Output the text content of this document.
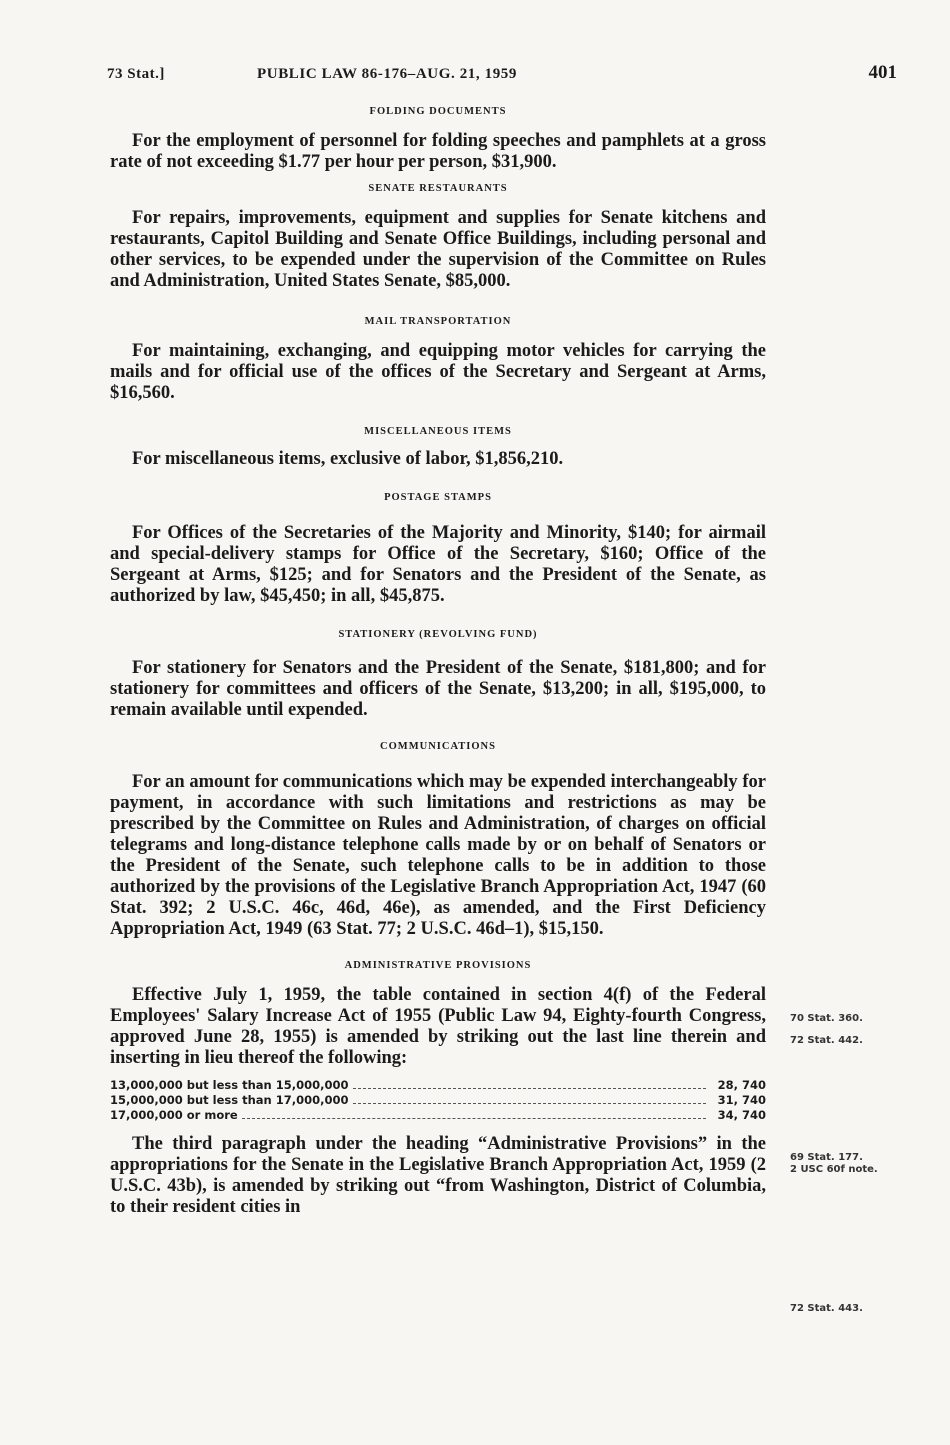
73 Stat.]	PUBLIC LAW 86-176–AUG. 21, 1959	401

FOLDING DOCUMENTS

For the employment of personnel for folding speeches and pamphlets at a gross rate of not exceeding $1.77 per hour per person, $31,900.

SENATE RESTAURANTS

For repairs, improvements, equipment and supplies for Senate kitchens and restaurants, Capitol Building and Senate Office Buildings, including personal and other services, to be expended under the supervision of the Committee on Rules and Administration, United States Senate, $85,000.

MAIL TRANSPORTATION

For maintaining, exchanging, and equipping motor vehicles for carrying the mails and for official use of the offices of the Secretary and Sergeant at Arms, $16,560.

MISCELLANEOUS ITEMS

For miscellaneous items, exclusive of labor, $1,856,210.

POSTAGE STAMPS

For Offices of the Secretaries of the Majority and Minority, $140; for airmail and special-delivery stamps for Office of the Secretary, $160; Office of the Sergeant at Arms, $125; and for Senators and the President of the Senate, as authorized by law, $45,450; in all, $45,875.

STATIONERY (REVOLVING FUND)

For stationery for Senators and the President of the Senate, $181,800; and for stationery for committees and officers of the Senate, $13,200; in all, $195,000, to remain available until expended.

COMMUNICATIONS

For an amount for communications which may be expended interchangeably for payment, in accordance with such limitations and restrictions as may be prescribed by the Committee on Rules and Administration, of charges on official telegrams and long-distance telephone calls made by or on behalf of Senators or the President of the Senate, such telephone calls to be in addition to those authorized by the provisions of the Legislative Branch Appropriation Act, 1947 (60 Stat. 392; 2 U.S.C. 46c, 46d, 46e), as amended, and the First Deficiency Appropriation Act, 1949 (63 Stat. 77; 2 U.S.C. 46d–1), $15,150.

ADMINISTRATIVE PROVISIONS

Effective July 1, 1959, the table contained in section 4(f) of the Federal Employees' Salary Increase Act of 1955 (Public Law 94, Eighty-fourth Congress, approved June 28, 1955) is amended by striking out the last line therein and inserting in lieu thereof the following:

13,000,000 but less than 15,000,000	28, 740
15,000,000 but less than 17,000,000	31, 740
17,000,000 or more	34, 740

The third paragraph under the heading “Administrative Provisions” in the appropriations for the Senate in the Legislative Branch Appropriation Act, 1959 (2 U.S.C. 43b), is amended by striking out “from Washington, District of Columbia, to their resident cities in

70 Stat. 360.
72 Stat. 442.
69 Stat. 177.
2 USC 60f note.
72 Stat. 443.
